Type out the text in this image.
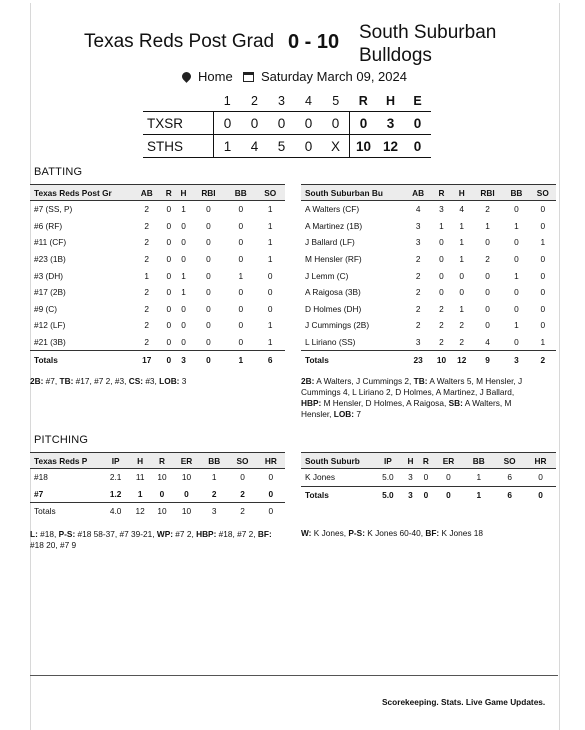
Texas Reds Post Grad 0 - 10 South Suburban Bulldogs
Home Saturday March 09, 2024
	1	2	3	4	5	R	H	E
TXSR	0	0	0	0	0	0	3	0
STHS	1	4	5	0	X	10	12	0
BATTING
Texas Reds Post Gr	AB	R	H	RBI	BB	SO
#7 (SS, P)	2	0	1	0	0	1
#6 (RF)	2	0	0	0	0	1
#11 (CF)	2	0	0	0	0	1
#23 (1B)	2	0	0	0	0	1
#3 (DH)	1	0	1	0	1	0
#17 (2B)	2	0	1	0	0	0
#9 (C)	2	0	0	0	0	0
#12 (LF)	2	0	0	0	0	1
#21 (3B)	2	0	0	0	0	1
Totals	17	0	3	0	1	6
2B: #7, TB: #17, #7 2, #3, CS: #3, LOB: 3
South Suburban Bu	AB	R	H	RBI	BB	SO
A Walters (CF)	4	3	4	2	0	0
A Martinez (1B)	3	1	1	1	1	0
J Ballard (LF)	3	0	1	0	0	1
M Hensler (RF)	2	0	1	2	0	0
J Lemm (C)	2	0	0	0	1	0
A Raigosa (3B)	2	0	0	0	0	0
D Holmes (DH)	2	2	1	0	0	0
J Cummings (2B)	2	2	2	0	1	0
L Liriano (SS)	3	2	2	4	0	1
Totals	23	10	12	9	3	2
2B: A Walters, J Cummings 2, TB: A Walters 5, M Hensler, J Cummings 4, L Liriano 2, D Holmes, A Martinez, J Ballard, HBP: M Hensler, D Holmes, A Raigosa, SB: A Walters, M Hensler, LOB: 7
PITCHING
Texas Reds P	IP	H	R	ER	BB	SO	HR
#18	2.1	11	10	10	1	0	0
#7	1.2	1	0	0	2	2	0
Totals	4.0	12	10	10	3	2	0
L: #18, P-S: #18 58-37, #7 39-21, WP: #7 2, HBP: #18, #7 2, BF: #18 20, #7 9
South Suburb	IP	H	R	ER	BB	SO	HR
K Jones	5.0	3	0	0	1	6	0
Totals	5.0	3	0	0	1	6	0
W: K Jones, P-S: K Jones 60-40, BF: K Jones 18
Scorekeeping. Stats. Live Game Updates.
